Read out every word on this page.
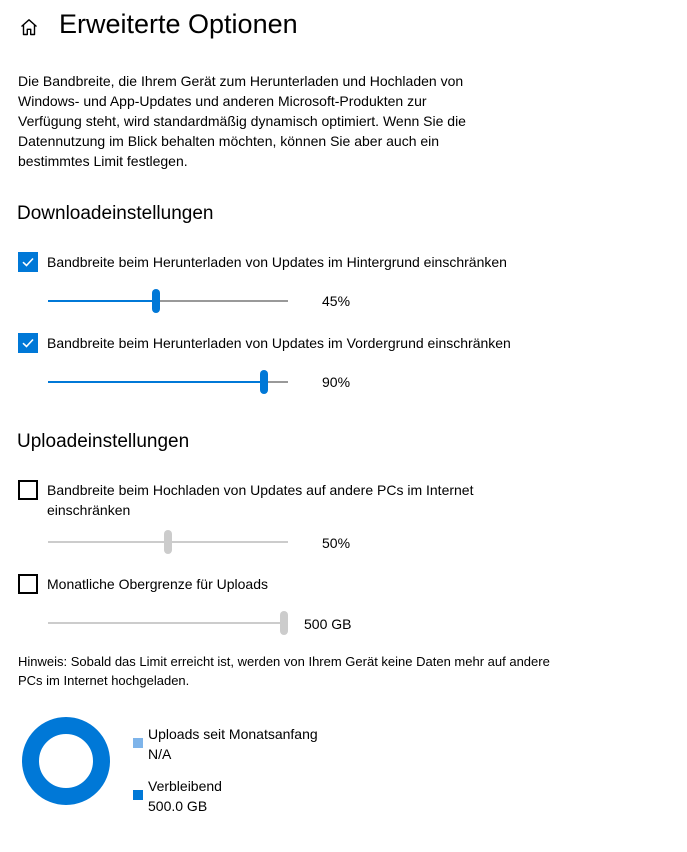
Erweiterte Optionen
Die Bandbreite, die Ihrem Gerät zum Herunterladen und Hochladen von Windows- und App-Updates und anderen Microsoft-Produkten zur Verfügung steht, wird standardmäßig dynamisch optimiert. Wenn Sie die Datennutzung im Blick behalten möchten, können Sie aber auch ein bestimmtes Limit festlegen.
Downloadeinstellungen
Bandbreite beim Herunterladen von Updates im Hintergrund einschränken
45%
Bandbreite beim Herunterladen von Updates im Vordergrund einschränken
90%
Uploadeinstellungen
Bandbreite beim Hochladen von Updates auf andere PCs im Internet einschränken
50%
Monatliche Obergrenze für Uploads
500 GB
Hinweis: Sobald das Limit erreicht ist, werden von Ihrem Gerät keine Daten mehr auf andere PCs im Internet hochgeladen.
Uploads seit Monatsanfang
N/A
Verbleibend
500.0 GB
